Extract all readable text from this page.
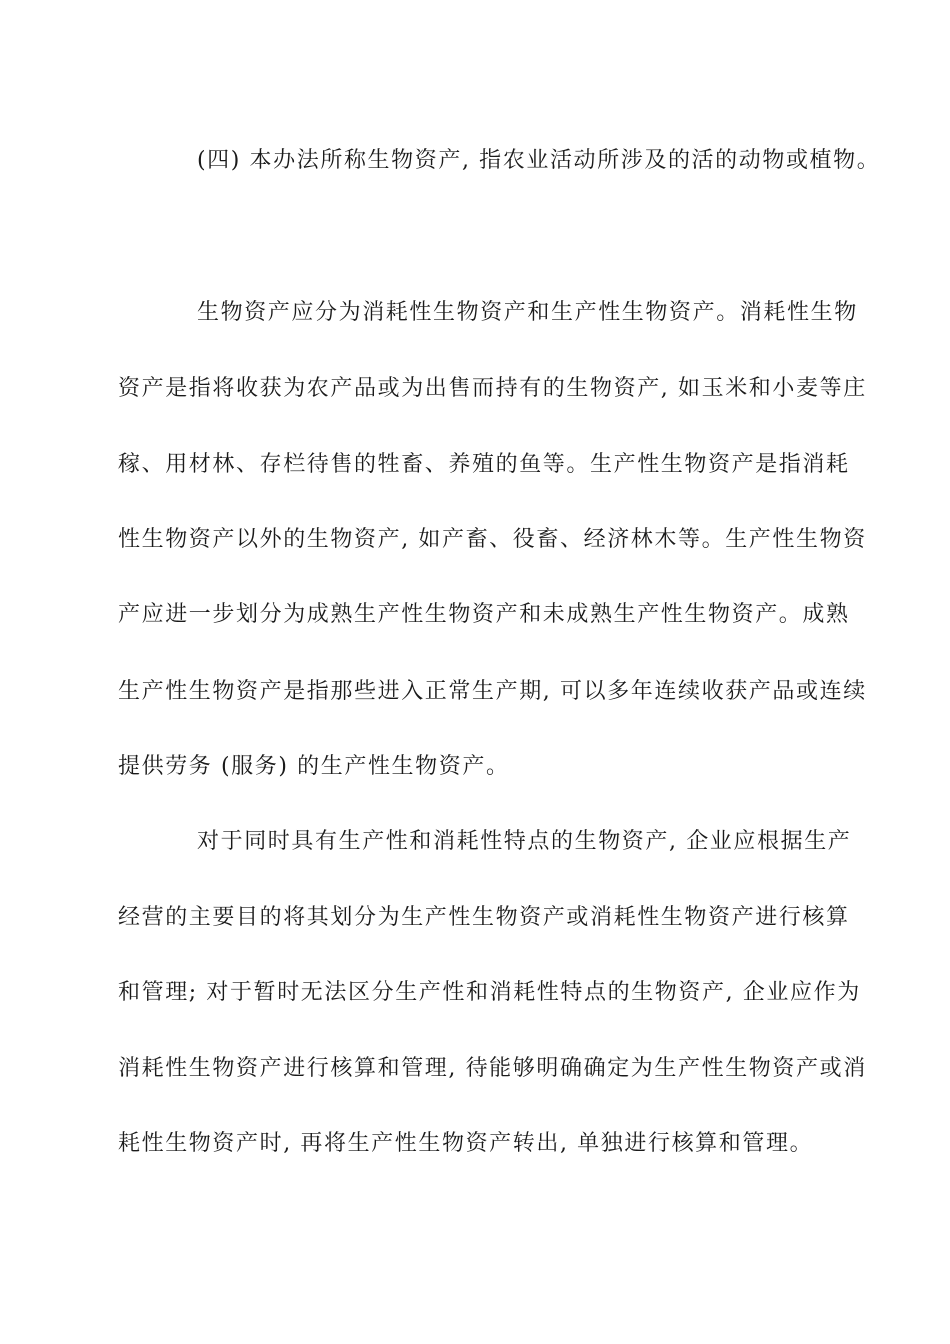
(四) 本办法所称生物资产, 指农业活动所涉及的活的动物或植物。
生物资产应分为消耗性生物资产和生产性生物资产。消耗性生物
资产是指将收获为农产品或为出售而持有的生物资产, 如玉米和小麦等庄
稼、用材林、存栏待售的牲畜、养殖的鱼等。生产性生物资产是指消耗
性生物资产以外的生物资产, 如产畜、役畜、经济林木等。生产性生物资
产应进一步划分为成熟生产性生物资产和未成熟生产性生物资产。成熟
生产性生物资产是指那些进入正常生产期, 可以多年连续收获产品或连续
提供劳务 (服务) 的生产性生物资产。
对于同时具有生产性和消耗性特点的生物资产, 企业应根据生产
经营的主要目的将其划分为生产性生物资产或消耗性生物资产进行核算
和管理; 对于暂时无法区分生产性和消耗性特点的生物资产, 企业应作为
消耗性生物资产进行核算和管理, 待能够明确确定为生产性生物资产或消
耗性生物资产时, 再将生产性生物资产转出, 单独进行核算和管理。
